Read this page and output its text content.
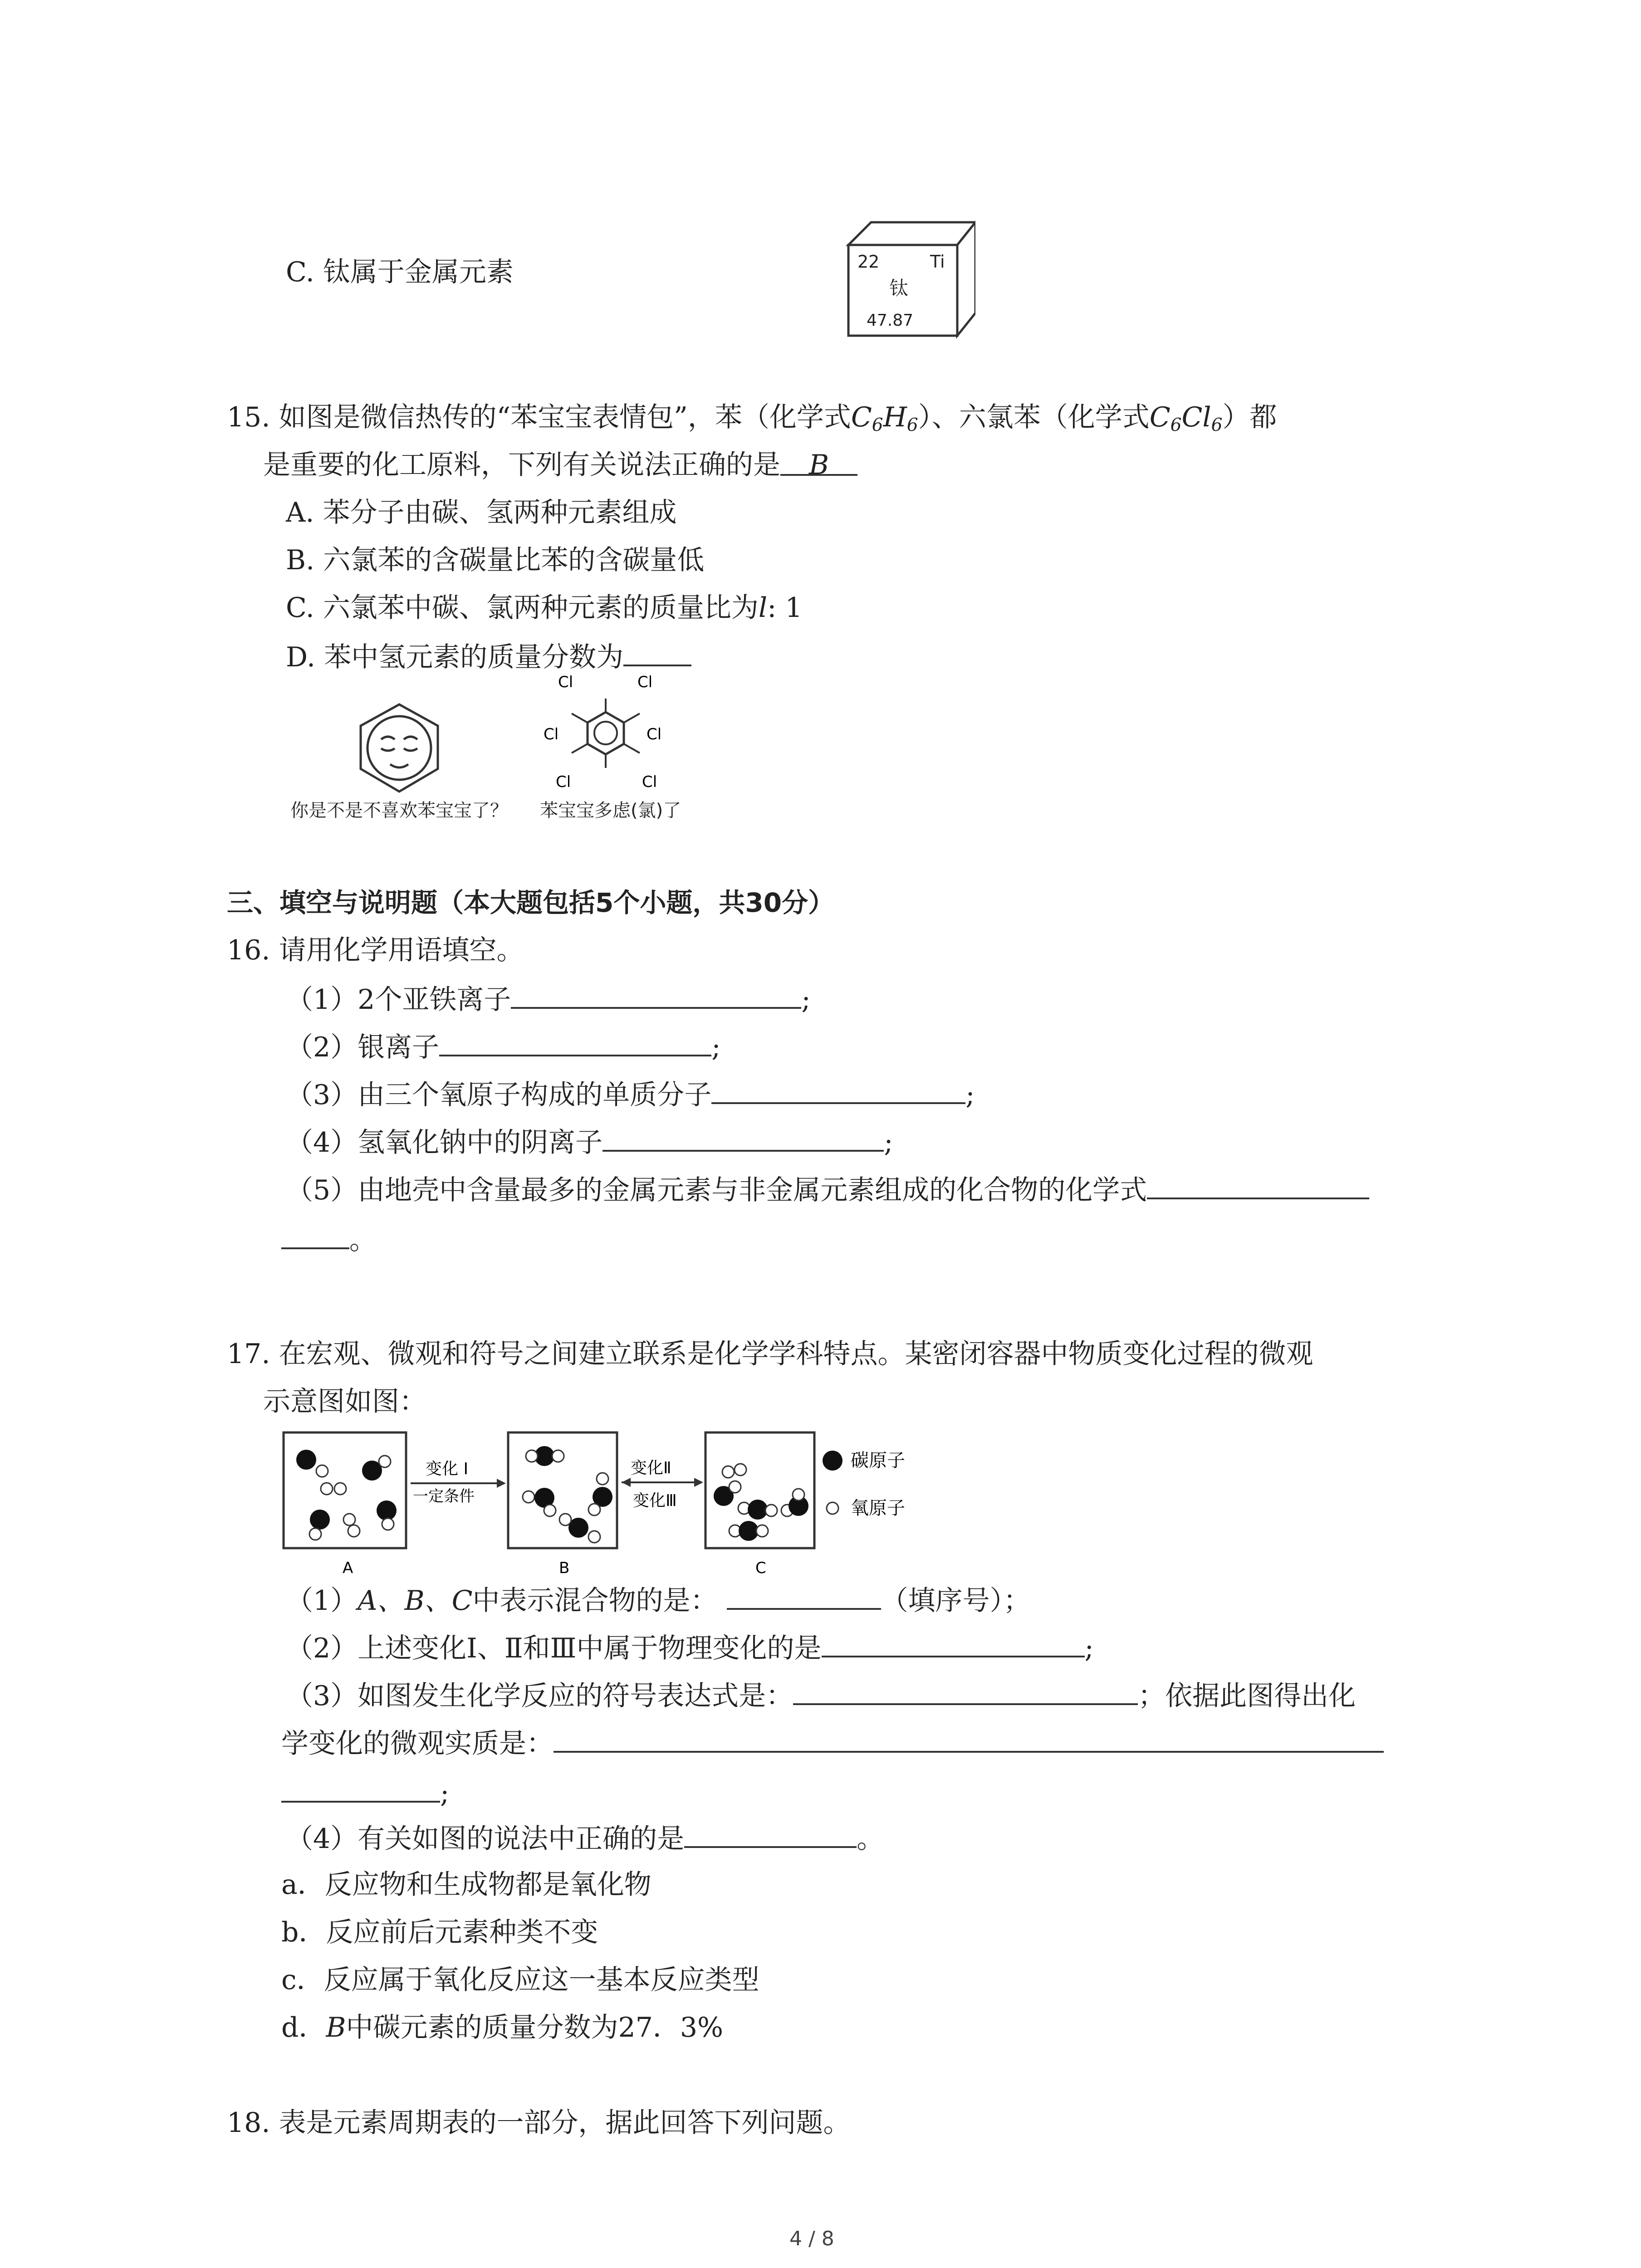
C. 钛属于金属元素	22	Ti
钛
47.87
15. 如图是微信热传的“苯宝宝表情包”，苯（化学式$C_6H_6$）、六氯苯（化学式$C_6Cl_6$）都
是重要的化工原料，下列有关说法正确的是 B
A. 苯分子由碳、氢两种元素组成
B. 六氯苯的含碳量比苯的含碳量低
C. 六氯苯中碳、氯两种元素的质量比为l: 1
D. 苯中氢元素的质量分数为
Cl	Cl
Cl	Cl
Cl	Cl
你是不是不喜欢苯宝宝了？ 苯宝宝多虑(氯)了
三、填空与说明题（本大题包括5个小题，共30分）
16. 请用化学用语填空。
（1）2个亚铁离子	;
（2）银离子	;
（3）由三个氧原子构成的单质分子	;
（4）氢氧化钠中的阴离子	;
（5）由地壳中含量最多的金属元素与非金属元素组成的化合物的化学式
。
17. 在宏观、微观和符号之间建立联系是化学学科特点。某密闭容器中物质变化过程的微观
示意图如图：
变化 I
一定条件
变化Ⅱ
变化Ⅲ
A	B	C
碳原子
氧原子
（1）A、B、C中表示混合物的是：	（填序号）；
（2）上述变化Ⅰ、Ⅱ和Ⅲ中属于物理变化的是	;
（3）如图发生化学反应的符号表达式是：	；依据此图得出化
学变化的微观实质是：
;
（4）有关如图的说法中正确的是	。
a．反应物和生成物都是氧化物
b．反应前后元素种类不变
c．反应属于氧化反应这一基本反应类型
d．B中碳元素的质量分数为27．3%
18. 表是元素周期表的一部分，据此回答下列问题。
4 / 8
